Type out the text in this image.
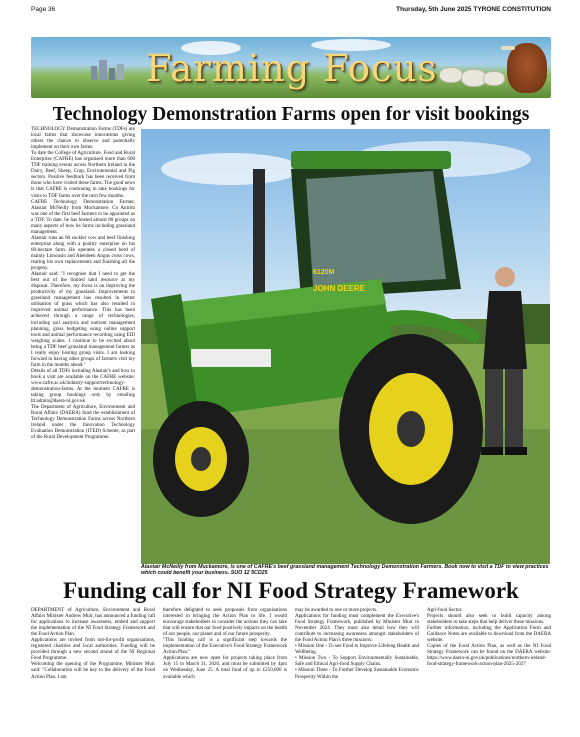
Page 36	Thursday, 5th June 2025 TYRONE CONSTITUTION
Farming Focus
Technology Demonstration Farms open for visit bookings

TECHNOLOGY Demonstration Farms (TDFs) are local farms that showcase innovations giving others the chance to observe and potentially implement on their own farms.

To date the College of Agriculture, Food and Rural Enterprise (CAFRE) has organised more than 600 TDF training events across Northern Ireland in the Dairy, Beef, Sheep, Crop, Environmental and Pig sectors. Positive feedback has been received from those who have visited these farms. The good news is that CAFRE is continuing to take bookings for visits to TDF farms over the next few months.

CAFRE Technology Demonstration Farmer, Alastair McNeilly from Muckamore, Co Antrim was one of the first beef farmers to be appointed as a TDF. To date, he has hosted almost 80 groups on many aspects of how he farms including grassland management.

Alastair runs an 80 suckler cow and beef finishing enterprise along with a poultry enterprise on his 60-hectare farm. He operates a closed herd of mainly Limousin and Aberdeen Angus cross cows, rearing his own replacements and finishing all the progeny.

Alastair said: "I recognise that I need to get the best out of the limited land resource at my disposal. Therefore, my focus is on improving the productivity of my grassland. Improvements in grassland management has resulted in better utilisation of grass which has also resulted in improved animal performance. This has been achieved through a range of technologies, including soil analysis and nutrient management planning, grass budgeting using online support tools and animal performance recording using EID weighing scales. I continue to be excited about being a TDF beef grassland management farmer as I really enjoy hosting group visits. I am looking forward to having other groups of farmers visit my farm in the months ahead."

Details of all TDFs including Alastair's and how to book a visit are available on the CAFRE website: www.cafre.ac.uk/industry-support/technology-demonstration-farms. At the moment CAFRE is taking group bookings only by emailing ltt.admin@daera-ni.gov.uk

The Department of Agriculture, Environment and Rural Affairs (DAERA) fund the establishment of Technology Demonstration Farms across Northern Ireland under the Innovation Technology Evaluation Demonstration (ITED) Scheme, as part of the Rural Development Programme.

JOHN DEERE
6120M
Alastair McNeilly from Muckamore, is one of CAFRE's beef grassland management Technology Demonstration Farmers. Book now to visit a TDF to view practices which could benefit your business. SUO 12 5CD25
Funding call for NI Food Strategy Framework

DEPARTMENT of Agriculture, Environment and Rural Affairs Minister Andrew Muir, has announced a funding call for applications to increase awareness, embed and support the implementation of the NI Food Strategy Framework and the Food Action Plan.

Applications are invited from not-for-profit organisations, registered charities and local authorities. Funding will be provided through a new second strand of the NI Regional Food Programme.

Welcoming the opening of the Programme, Minister Muir said: "Collaboration will be key to the delivery of the Food Action Plan. I am

therefore delighted to seek proposals from organisations interested in bringing the Action Plan to life. I would encourage stakeholders to consider the actions they can take that will ensure that our food positively impacts on the health of our people, our planet and of our future prosperity.

"This funding call is a significant step towards the implementation of the Executive's Food Strategy Framework Action Plan."

Applications are now open for projects taking place from July 15 to March 31, 2026, and must be submitted by 4pm on Wednesday, June 25. A total fund of up to £250,000 is available which

may be awarded to one or more projects.

Applications for funding must complement the Executive's Food Strategy Framework, published by Minister Muir in November 2024. They must also detail how they will contribute to increasing awareness amongst stakeholders of the Food Action Plan's three missions:

• Mission One - To see Food to Improve Lifelong Health and Wellbeing.

• Mission Two - To Support Environmentally Sustainable, Safe and Ethical Agri-food Supply Chains.

• Mission Three - To Further Develop Sustainable Economic Prosperity Within the

Agri-food Sector.

Projects should also seek to build capacity among stakeholders to take steps that help deliver these missions.

Further information, including the Application Form and Guidance Notes are available to download from the DAERA website.

Copies of the Food Action Plan, as well as the NI Food Strategy Framework can be found on the DAERA website: https://www.daera-ni.gov.uk/publications/northern-ireland-food-strategy-framework-action-plan-2025-2027
